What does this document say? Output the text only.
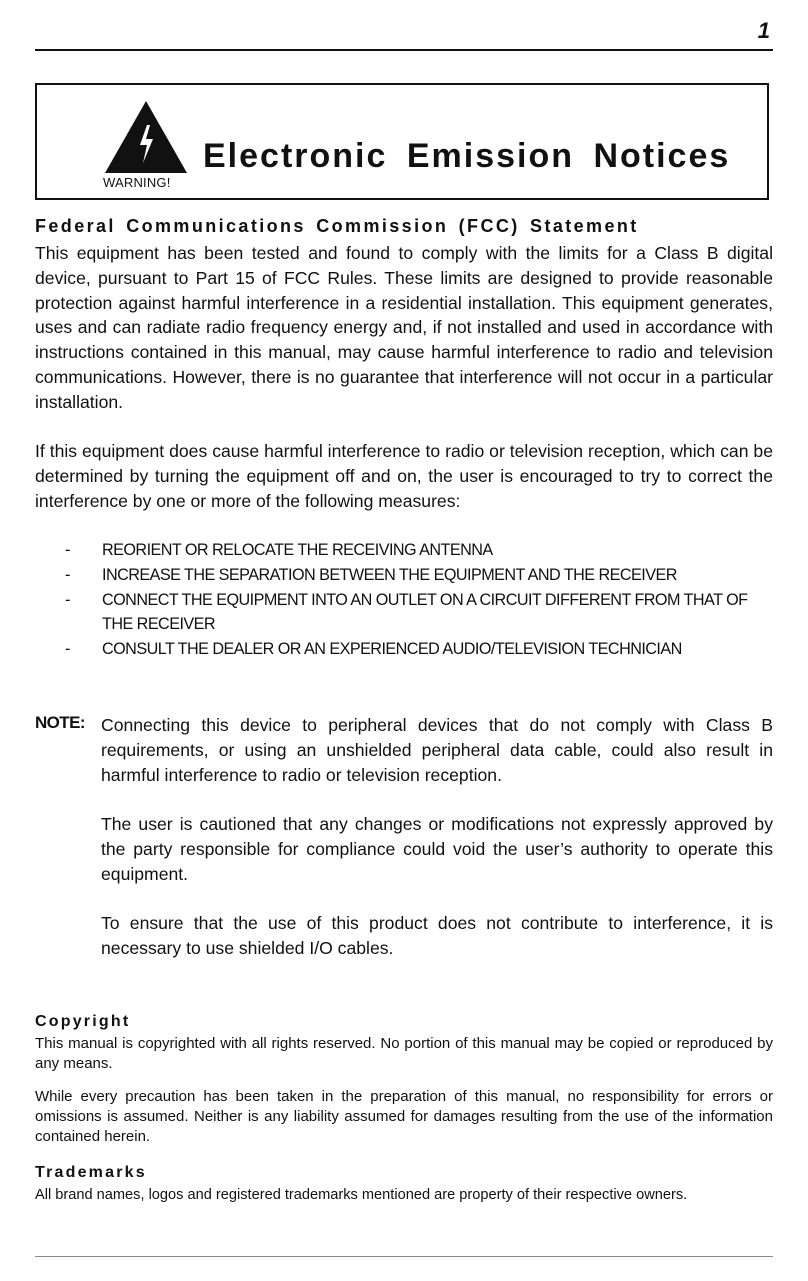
1
WARNING!
Electronic Emission Notices
Federal Communications Commission (FCC) Statement

This equipment has been tested and found to comply with the limits for a Class B digital device, pursuant to Part 15 of FCC Rules. These limits are designed to provide reasonable protection against harmful interference in a residential installation. This equipment generates, uses and can radiate radio frequency energy and, if not installed and used in accordance with instructions contained in this manual, may cause harmful interference to radio and television communications. However, there is no guarantee that interference will not occur in a particular installation.

If this equipment does cause harmful interference to radio or television reception, which can be determined by turning the equipment off and on, the user is encouraged to try to correct the interference by one or more of the following measures:

- REORIENT OR RELOCATE THE RECEIVING ANTENNA
- INCREASE THE SEPARATION BETWEEN THE EQUIPMENT AND THE RECEIVER
- CONNECT THE EQUIPMENT INTO AN OUTLET ON A CIRCUIT DIFFERENT FROM THAT OF THE RECEIVER
- CONSULT THE DEALER OR AN EXPERIENCED AUDIO/TELEVISION TECHNICIAN
NOTE: Connecting this device to peripheral devices that do not comply with Class B requirements, or using an unshielded peripheral data cable, could also result in harmful interference to radio or television reception.

The user is cautioned that any changes or modifications not expressly approved by the party responsible for compliance could void the user’s authority to operate this equipment.

To ensure that the use of this product does not contribute to interference, it is necessary to use shielded I/O cables.

Copyright

This manual is copyrighted with all rights reserved. No portion of this manual may be copied or reproduced by any means.

While every precaution has been taken in the preparation of this manual, no responsibility for errors or omissions is assumed. Neither is any liability assumed for damages resulting from the use of the information contained herein.

Trademarks

All brand names, logos and registered trademarks mentioned are property of their respective owners.
